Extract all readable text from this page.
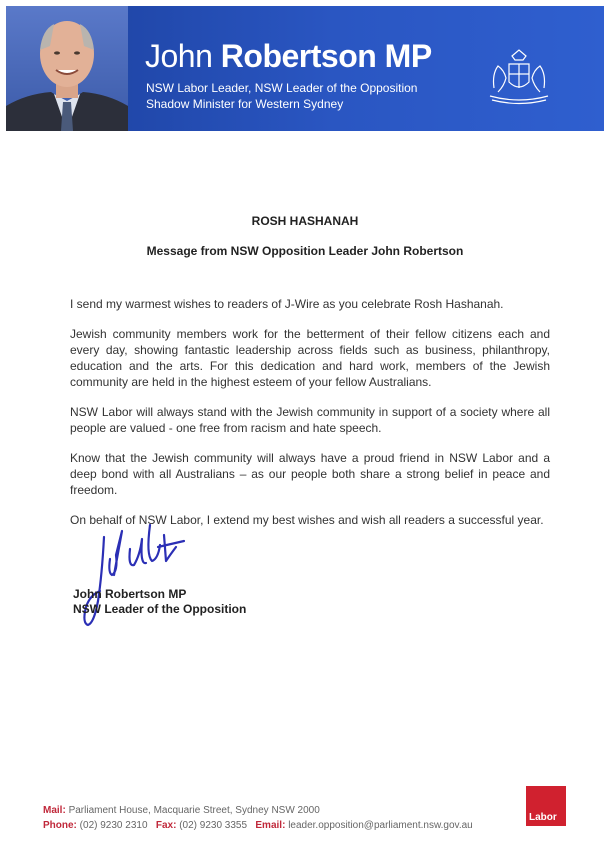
John Robertson MP
NSW Labor Leader, NSW Leader of the Opposition
Shadow Minister for Western Sydney
ROSH HASHANAH
Message from NSW Opposition Leader John Robertson

I send my warmest wishes to readers of J-Wire as you celebrate Rosh Hashanah.

Jewish community members work for the betterment of their fellow citizens each and every day, showing fantastic leadership across fields such as business, philanthropy, education and the arts. For this dedication and hard work, members of the Jewish community are held in the highest esteem of your fellow Australians.

NSW Labor will always stand with the Jewish community in support of a society where all people are valued - one free from racism and hate speech.

Know that the Jewish community will always have a proud friend in NSW Labor and a deep bond with all Australians – as our people both share a strong belief in peace and freedom.

On behalf of NSW Labor, I extend my best wishes and wish all readers a successful year.

John Robertson MP
NSW Leader of the Opposition
Mail: Parliament House, Macquarie Street, Sydney NSW 2000
Phone: (02) 9230 2310 Fax: (02) 9230 3355 Email: leader.opposition@parliament.nsw.gov.au
Labor
